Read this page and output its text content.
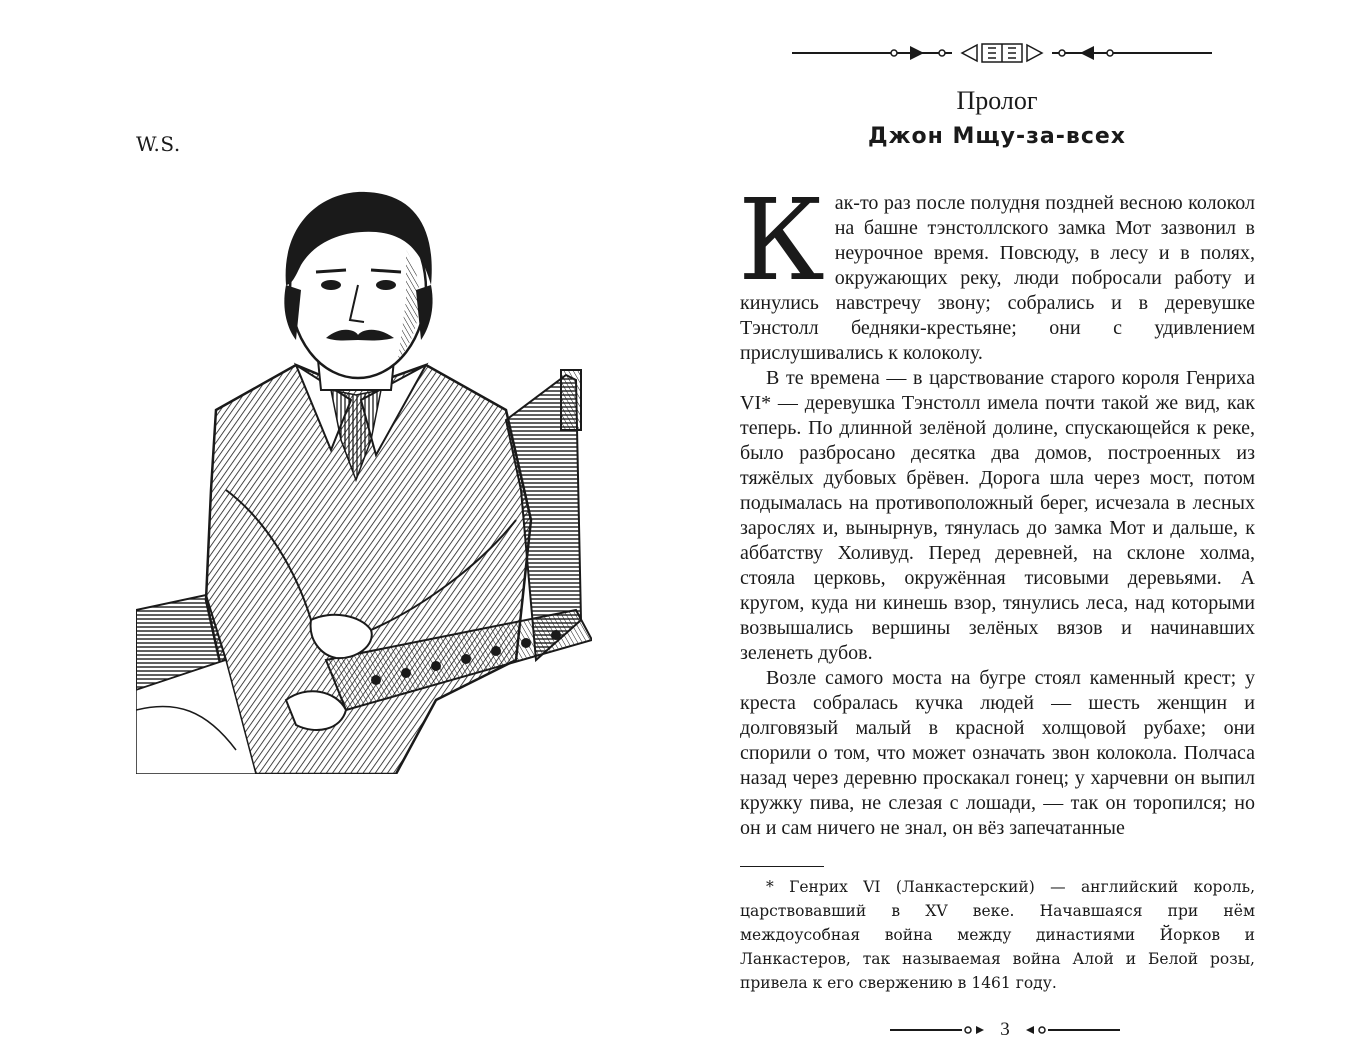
W.S.
Пролог
Джон Мщу-за-всех

Как-то раз после полудня поздней весною колокол на башне тэнстоллского замка Мот зазвонил в неурочное время. Повсюду, в лесу и в полях, окружающих реку, люди побросали работу и кинулись навстречу звону; собрались и в деревушке Тэнстолл бедняки-крестьяне; они с удивлением прислушивались к колоколу.

В те времена — в царствование старого короля Генриха VI* — деревушка Тэнстолл имела почти такой же вид, как теперь. По длинной зелёной долине, спускающейся к реке, было разбросано десятка два домов, построенных из тяжёлых дубовых брёвен. Дорога шла через мост, потом подымалась на противоположный берег, исчезала в лесных зарослях и, вынырнув, тянулась до замка Мот и дальше, к аббатству Холивуд. Перед деревней, на склоне холма, стояла церковь, окружённая тисовыми деревьями. А кругом, куда ни кинешь взор, тянулись леса, над которыми возвышались вершины зелёных вязов и начинавших зеленеть дубов.

Возле самого моста на бугре стоял каменный крест; у креста собралась кучка людей — шесть женщин и долговязый малый в красной холщовой рубахе; они спорили о том, что может означать звон колокола. Полчаса назад через деревню проскакал гонец; у харчевни он выпил кружку пива, не слезая с лошади, — так он торопился; но он и сам ничего не знал, он вёз запечатанные

* Генрих VI (Ланкастерский) — английский король, царствовавший в XV веке. Начавшаяся при нём междоусобная война между династиями Йорков и Ланкастеров, так называемая война Алой и Белой розы, привела к его свержению в 1461 году.

3
